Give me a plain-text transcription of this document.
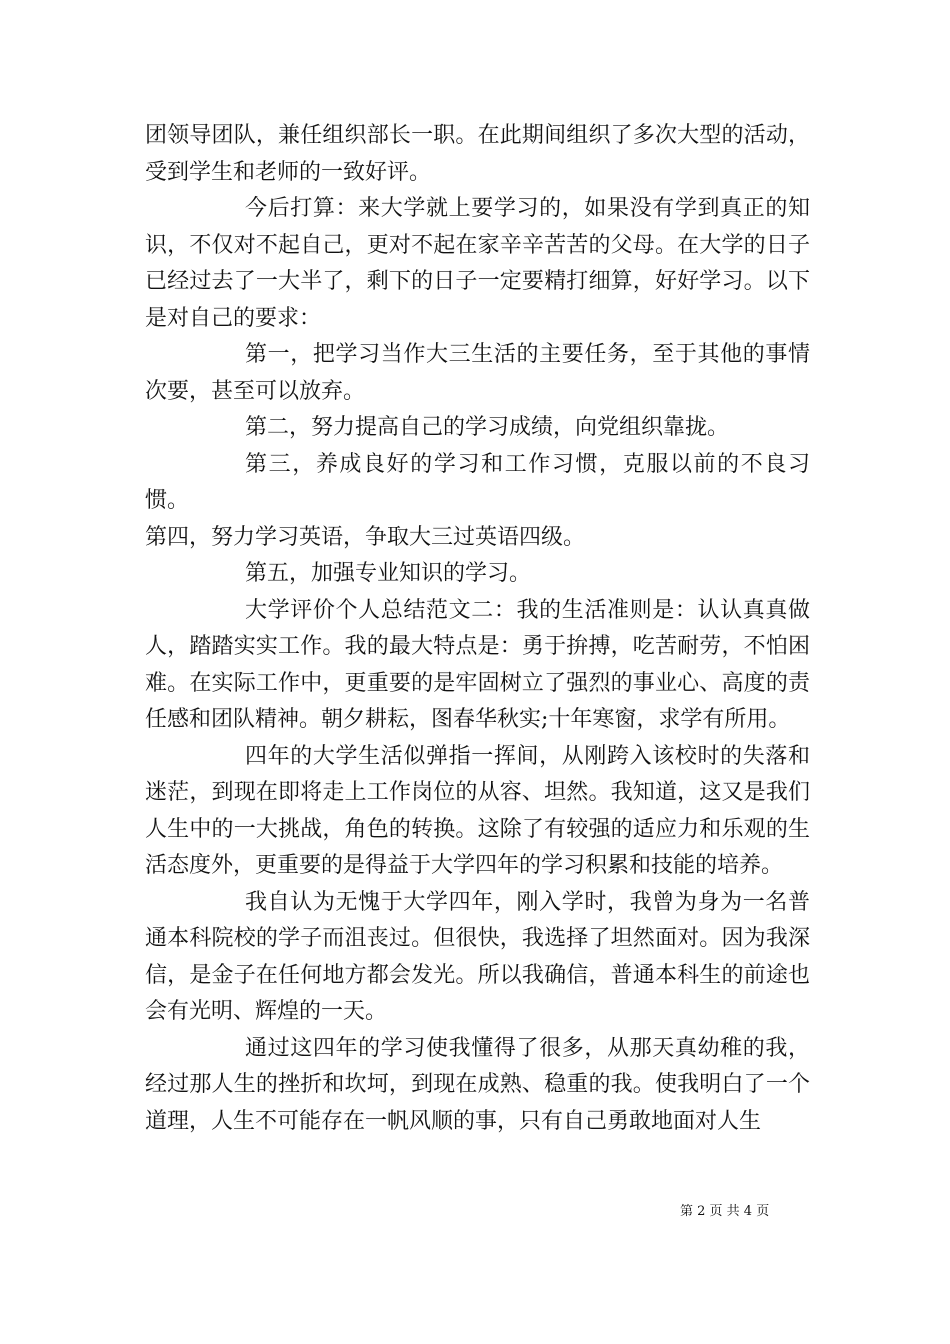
团领导团队，兼任组织部长一职。在此期间组织了多次大型的活动，受到学生和老师的一致好评。

今后打算：来大学就上要学习的，如果没有学到真正的知识，不仅对不起自己，更对不起在家辛辛苦苦的父母。在大学的日子已经过去了一大半了，剩下的日子一定要精打细算，好好学习。以下是对自己的要求：

第一，把学习当作大三生活的主要任务，至于其他的事情次要，甚至可以放弃。

第二，努力提高自己的学习成绩，向党组织靠拢。

第三，养成良好的学习和工作习惯，克服以前的不良习惯。

第四，努力学习英语，争取大三过英语四级。

第五，加强专业知识的学习。

大学评价个人总结范文二：我的生活准则是：认认真真做人，踏踏实实工作。我的最大特点是：勇于拚搏，吃苦耐劳，不怕困难。在实际工作中，更重要的是牢固树立了强烈的事业心、高度的责任感和团队精神。朝夕耕耘，图春华秋实;十年寒窗，求学有所用。

四年的大学生活似弹指一挥间，从刚跨入该校时的失落和迷茫，到现在即将走上工作岗位的从容、坦然。我知道，这又是我们人生中的一大挑战，角色的转换。这除了有较强的适应力和乐观的生活态度外，更重要的是得益于大学四年的学习积累和技能的培养。

我自认为无愧于大学四年，刚入学时，我曾为身为一名普通本科院校的学子而沮丧过。但很快，我选择了坦然面对。因为我深信，是金子在任何地方都会发光。所以我确信，普通本科生的前途也会有光明、辉煌的一天。

通过这四年的学习使我懂得了很多，从那天真幼稚的我，经过那人生的挫折和坎坷，到现在成熟、稳重的我。使我明白了一个道理，人生不可能存在一帆风顺的事，只有自己勇敢地面对人生

第 2 页 共 4 页
